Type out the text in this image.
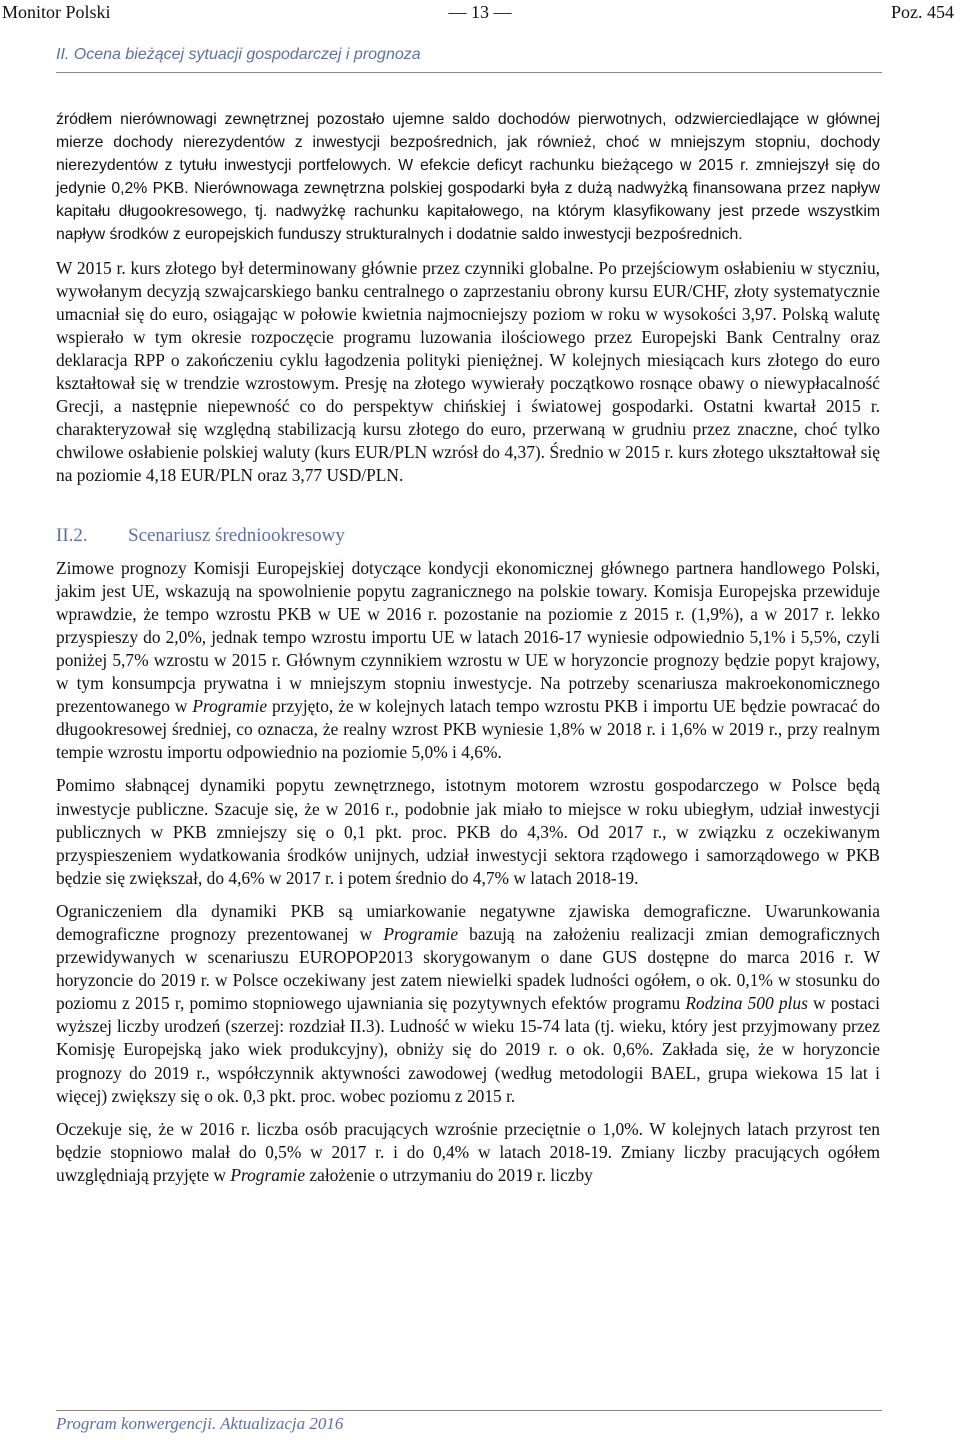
Monitor Polski	— 13 —	Poz. 454
II. Ocena bieżącej sytuacji gospodarczej i prognoza

źródłem nierównowagi zewnętrznej pozostało ujemne saldo dochodów pierwotnych, odzwierciedlające w głównej mierze dochody nierezydentów z inwestycji bezpośrednich, jak również, choć w mniejszym stopniu, dochody nierezydentów z tytułu inwestycji portfelowych. W efekcie deficyt rachunku bieżącego w 2015 r. zmniejszył się do jedynie 0,2% PKB. Nierównowaga zewnętrzna polskiej gospodarki była z dużą nadwyżką finansowana przez napływ kapitału długookresowego, tj. nadwyżkę rachunku kapitałowego, na którym klasyfikowany jest przede wszystkim napływ środków z europejskich funduszy strukturalnych i dodatnie saldo inwestycji bezpośrednich.

W 2015 r. kurs złotego był determinowany głównie przez czynniki globalne. Po przejściowym osłabieniu w styczniu, wywołanym decyzją szwajcarskiego banku centralnego o zaprzestaniu obrony kursu EUR/CHF, złoty systematycznie umacniał się do euro, osiągając w połowie kwietnia najmocniejszy poziom w roku w wysokości 3,97. Polską walutę wspierało w tym okresie rozpoczęcie programu luzowania ilościowego przez Europejski Bank Centralny oraz deklaracja RPP o zakończeniu cyklu łagodzenia polityki pieniężnej. W kolejnych miesiącach kurs złotego do euro kształtował się w trendzie wzrostowym. Presję na złotego wywierały początkowo rosnące obawy o niewypłacalność Grecji, a następnie niepewność co do perspektyw chińskiej i światowej gospodarki. Ostatni kwartał 2015 r. charakteryzował się względną stabilizacją kursu złotego do euro, przerwaną w grudniu przez znaczne, choć tylko chwilowe osłabienie polskiej waluty (kurs EUR/PLN wzrósł do 4,37). Średnio w 2015 r. kurs złotego ukształtował się na poziomie 4,18 EUR/PLN oraz 3,77 USD/PLN.

II.2. Scenariusz średniookresowy

Zimowe prognozy Komisji Europejskiej dotyczące kondycji ekonomicznej głównego partnera handlowego Polski, jakim jest UE, wskazują na spowolnienie popytu zagranicznego na polskie towary. Komisja Europejska przewiduje wprawdzie, że tempo wzrostu PKB w UE w 2016 r. pozostanie na poziomie z 2015 r. (1,9%), a w 2017 r. lekko przyspieszy do 2,0%, jednak tempo wzrostu importu UE w latach 2016-17 wyniesie odpowiednio 5,1% i 5,5%, czyli poniżej 5,7% wzrostu w 2015 r. Głównym czynnikiem wzrostu w UE w horyzoncie prognozy będzie popyt krajowy, w tym konsumpcja prywatna i w mniejszym stopniu inwestycje. Na potrzeby scenariusza makroekonomicznego prezentowanego w Programie przyjęto, że w kolejnych latach tempo wzrostu PKB i importu UE będzie powracać do długookresowej średniej, co oznacza, że realny wzrost PKB wyniesie 1,8% w 2018 r. i 1,6% w 2019 r., przy realnym tempie wzrostu importu odpowiednio na poziomie 5,0% i 4,6%.

Pomimo słabnącej dynamiki popytu zewnętrznego, istotnym motorem wzrostu gospodarczego w Polsce będą inwestycje publiczne. Szacuje się, że w 2016 r., podobnie jak miało to miejsce w roku ubiegłym, udział inwestycji publicznych w PKB zmniejszy się o 0,1 pkt. proc. PKB do 4,3%. Od 2017 r., w związku z oczekiwanym przyspieszeniem wydatkowania środków unijnych, udział inwestycji sektora rządowego i samorządowego w PKB będzie się zwiększał, do 4,6% w 2017 r. i potem średnio do 4,7% w latach 2018-19.

Ograniczeniem dla dynamiki PKB są umiarkowanie negatywne zjawiska demograficzne. Uwarunkowania demograficzne prognozy prezentowanej w Programie bazują na założeniu realizacji zmian demograficznych przewidywanych w scenariuszu EUROPOP2013 skorygowanym o dane GUS dostępne do marca 2016 r. W horyzoncie do 2019 r. w Polsce oczekiwany jest zatem niewielki spadek ludności ogółem, o ok. 0,1% w stosunku do poziomu z 2015 r, pomimo stopniowego ujawniania się pozytywnych efektów programu Rodzina 500 plus w postaci wyższej liczby urodzeń (szerzej: rozdział II.3). Ludność w wieku 15-74 lata (tj. wieku, który jest przyjmowany przez Komisję Europejską jako wiek produkcyjny), obniży się do 2019 r. o ok. 0,6%. Zakłada się, że w horyzoncie prognozy do 2019 r., współczynnik aktywności zawodowej (według metodologii BAEL, grupa wiekowa 15 lat i więcej) zwiększy się o ok. 0,3 pkt. proc. wobec poziomu z 2015 r.

Oczekuje się, że w 2016 r. liczba osób pracujących wzrośnie przeciętnie o 1,0%. W kolejnych latach przyrost ten będzie stopniowo malał do 0,5% w 2017 r. i do 0,4% w latach 2018-19. Zmiany liczby pracujących ogółem uwzględniają przyjęte w Programie założenie o utrzymaniu do 2019 r. liczby

Program konwergencji. Aktualizacja 2016
